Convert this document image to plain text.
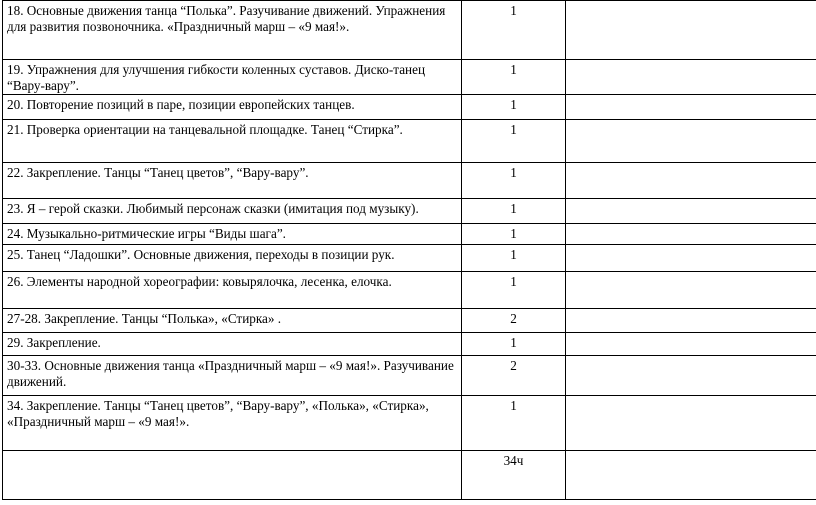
18. Основные движения танца “Полька”. Разучивание движений. Упражнения для развития позвоночника. «Праздничный марш – «9 мая!».	1	
19. Упражнения для улучшения гибкости коленных суставов. Диско-танец “Вару-вару”.	1	
20. Повторение позиций в паре, позиции европейских танцев.	1	
21. Проверка ориентации на танцевальной площадке. Танец “Стирка”.	1	
22. Закрепление. Танцы “Танец цветов”, “Вару-вару”.	1	
23. Я – герой сказки. Любимый персонаж сказки (имитация под музыку).	1	
24. Музыкально-ритмические игры “Виды шага”.	1	
25. Танец “Ладошки”. Основные движения, переходы в позиции рук.	1	
26. Элементы народной хореографии: ковырялочка, лесенка, елочка.	1	
27-28. Закрепление. Танцы “Полька», «Стирка» .	2	
29. Закрепление.	1	
30-33. Основные движения танца «Праздничный марш – «9 мая!». Разучивание движений.	2	
34. Закрепление. Танцы “Танец цветов”, “Вару-вару”, «Полька», «Стирка», «Праздничный марш – «9 мая!».	1	
	34ч	
